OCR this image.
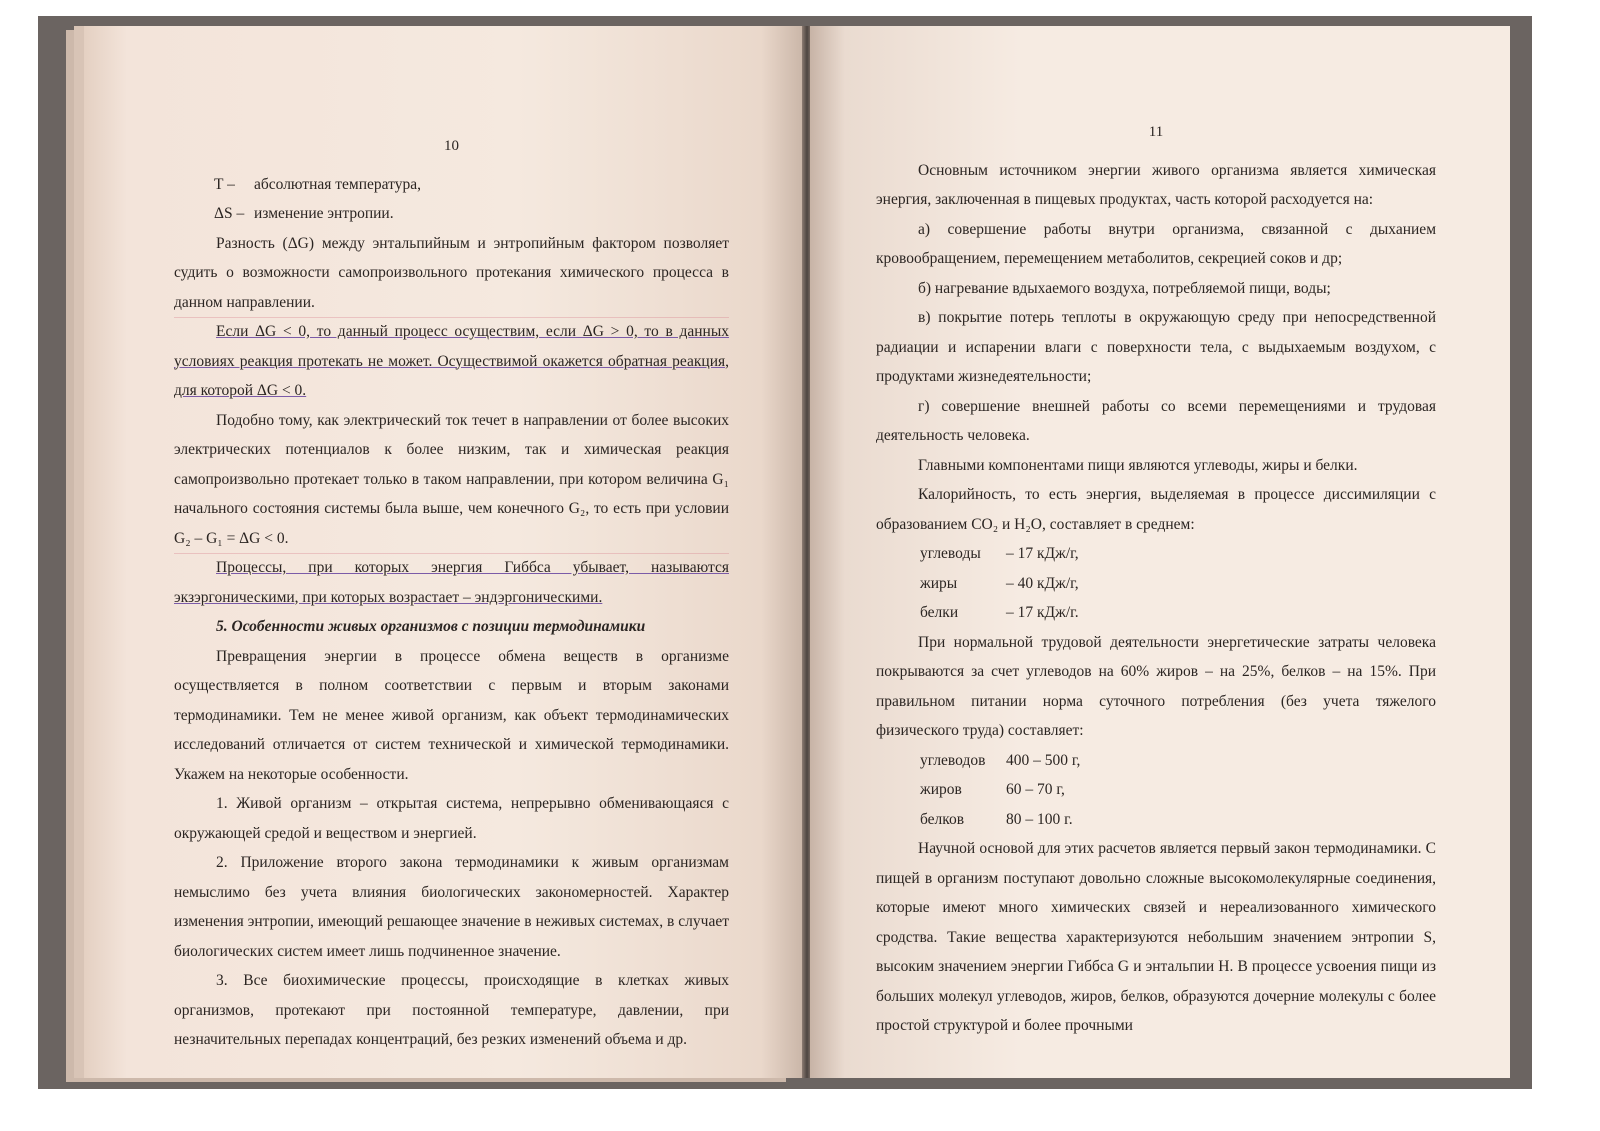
10
T –	абсолютная температура,
ΔS – изменение энтропии.

Разность (ΔG) между энтальпийным и энтропийным фактором позволяет судить о возможности самопроизвольного протекания химического процесса в данном направлении.

Если ΔG < 0, то данный процесс осуществим, если ΔG > 0, то в данных условиях реакция протекать не может. Осуществимой окажется обратная реакция, для которой ΔG < 0.

Подобно тому, как электрический ток течет в направлении от более высоких электрических потенциалов к более низким, так и химическая реакция самопроизвольно протекает только в таком направлении, при котором величина G₁ начального состояния системы была выше, чем конечного G₂, то есть при условии G₂ – G₁ = ΔG < 0.

Процессы, при которых энергия Гиббса убывает, называются экзэргоническими, при которых возрастает – эндэргоническими.

5. Особенности живых организмов с позиции термодинамики

Превращения энергии в процессе обмена веществ в организме осуществляется в полном соответствии с первым и вторым законами термодинамики. Тем не менее живой организм, как объект термодинамических исследований отличается от систем технической и химической термодинамики. Укажем на некоторые особенности.

1. Живой организм – открытая система, непрерывно обменивающаяся с окружающей средой и веществом и энергией.

2. Приложение второго закона термодинамики к живым организмам немыслимо без учета влияния биологических закономерностей. Характер изменения энтропии, имеющий решающее значение в неживых системах, в случает биологических систем имеет лишь подчиненное значение.

3. Все биохимические процессы, происходящие в клетках живых организмов, протекают при постоянной температуре, давлении, при незначительных перепадах концентраций, без резких изменений объема и др.

11

Основным источником энергии живого организма является химическая энергия, заключенная в пищевых продуктах, часть которой расходуется на:

а) совершение работы внутри организма, связанной с дыханием кровообращением, перемещением метаболитов, секрецией соков и др;

б) нагревание вдыхаемого воздуха, потребляемой пищи, воды;

в) покрытие потерь теплоты в окружающую среду при непосредственной радиации и испарении влаги с поверхности тела, с выдыхаемым воздухом, с продуктами жизнедеятельности;

г) совершение внешней работы со всеми перемещениями и трудовая деятельность человека.

Главными компонентами пищи являются углеводы, жиры и белки.

Калорийность, то есть энергия, выделяемая в процессе диссимиляции с образованием CO₂ и H₂O, составляет в среднем:

углеводы	– 17 кДж/г,
жиры	– 40 кДж/г,
белки	– 17 кДж/г.

При нормальной трудовой деятельности энергетические затраты человека покрываются за счет углеводов на 60% жиров – на 25%, белков – на 15%. При правильном питании норма суточного потребления (без учета тяжелого физического труда) составляет:

углеводов	400 – 500 г,
жиров	60 – 70 г,
белков	80 – 100 г.

Научной основой для этих расчетов является первый закон термодинамики. С пищей в организм поступают довольно сложные высокомолекулярные соединения, которые имеют много химических связей и нереализованного химического сродства. Такие вещества характеризуются небольшим значением энтропии S, высоким значением энергии Гиббса G и энтальпии H. В процессе усвоения пищи из больших молекул углеводов, жиров, белков, образуются дочерние молекулы с более простой структурой и более прочными
